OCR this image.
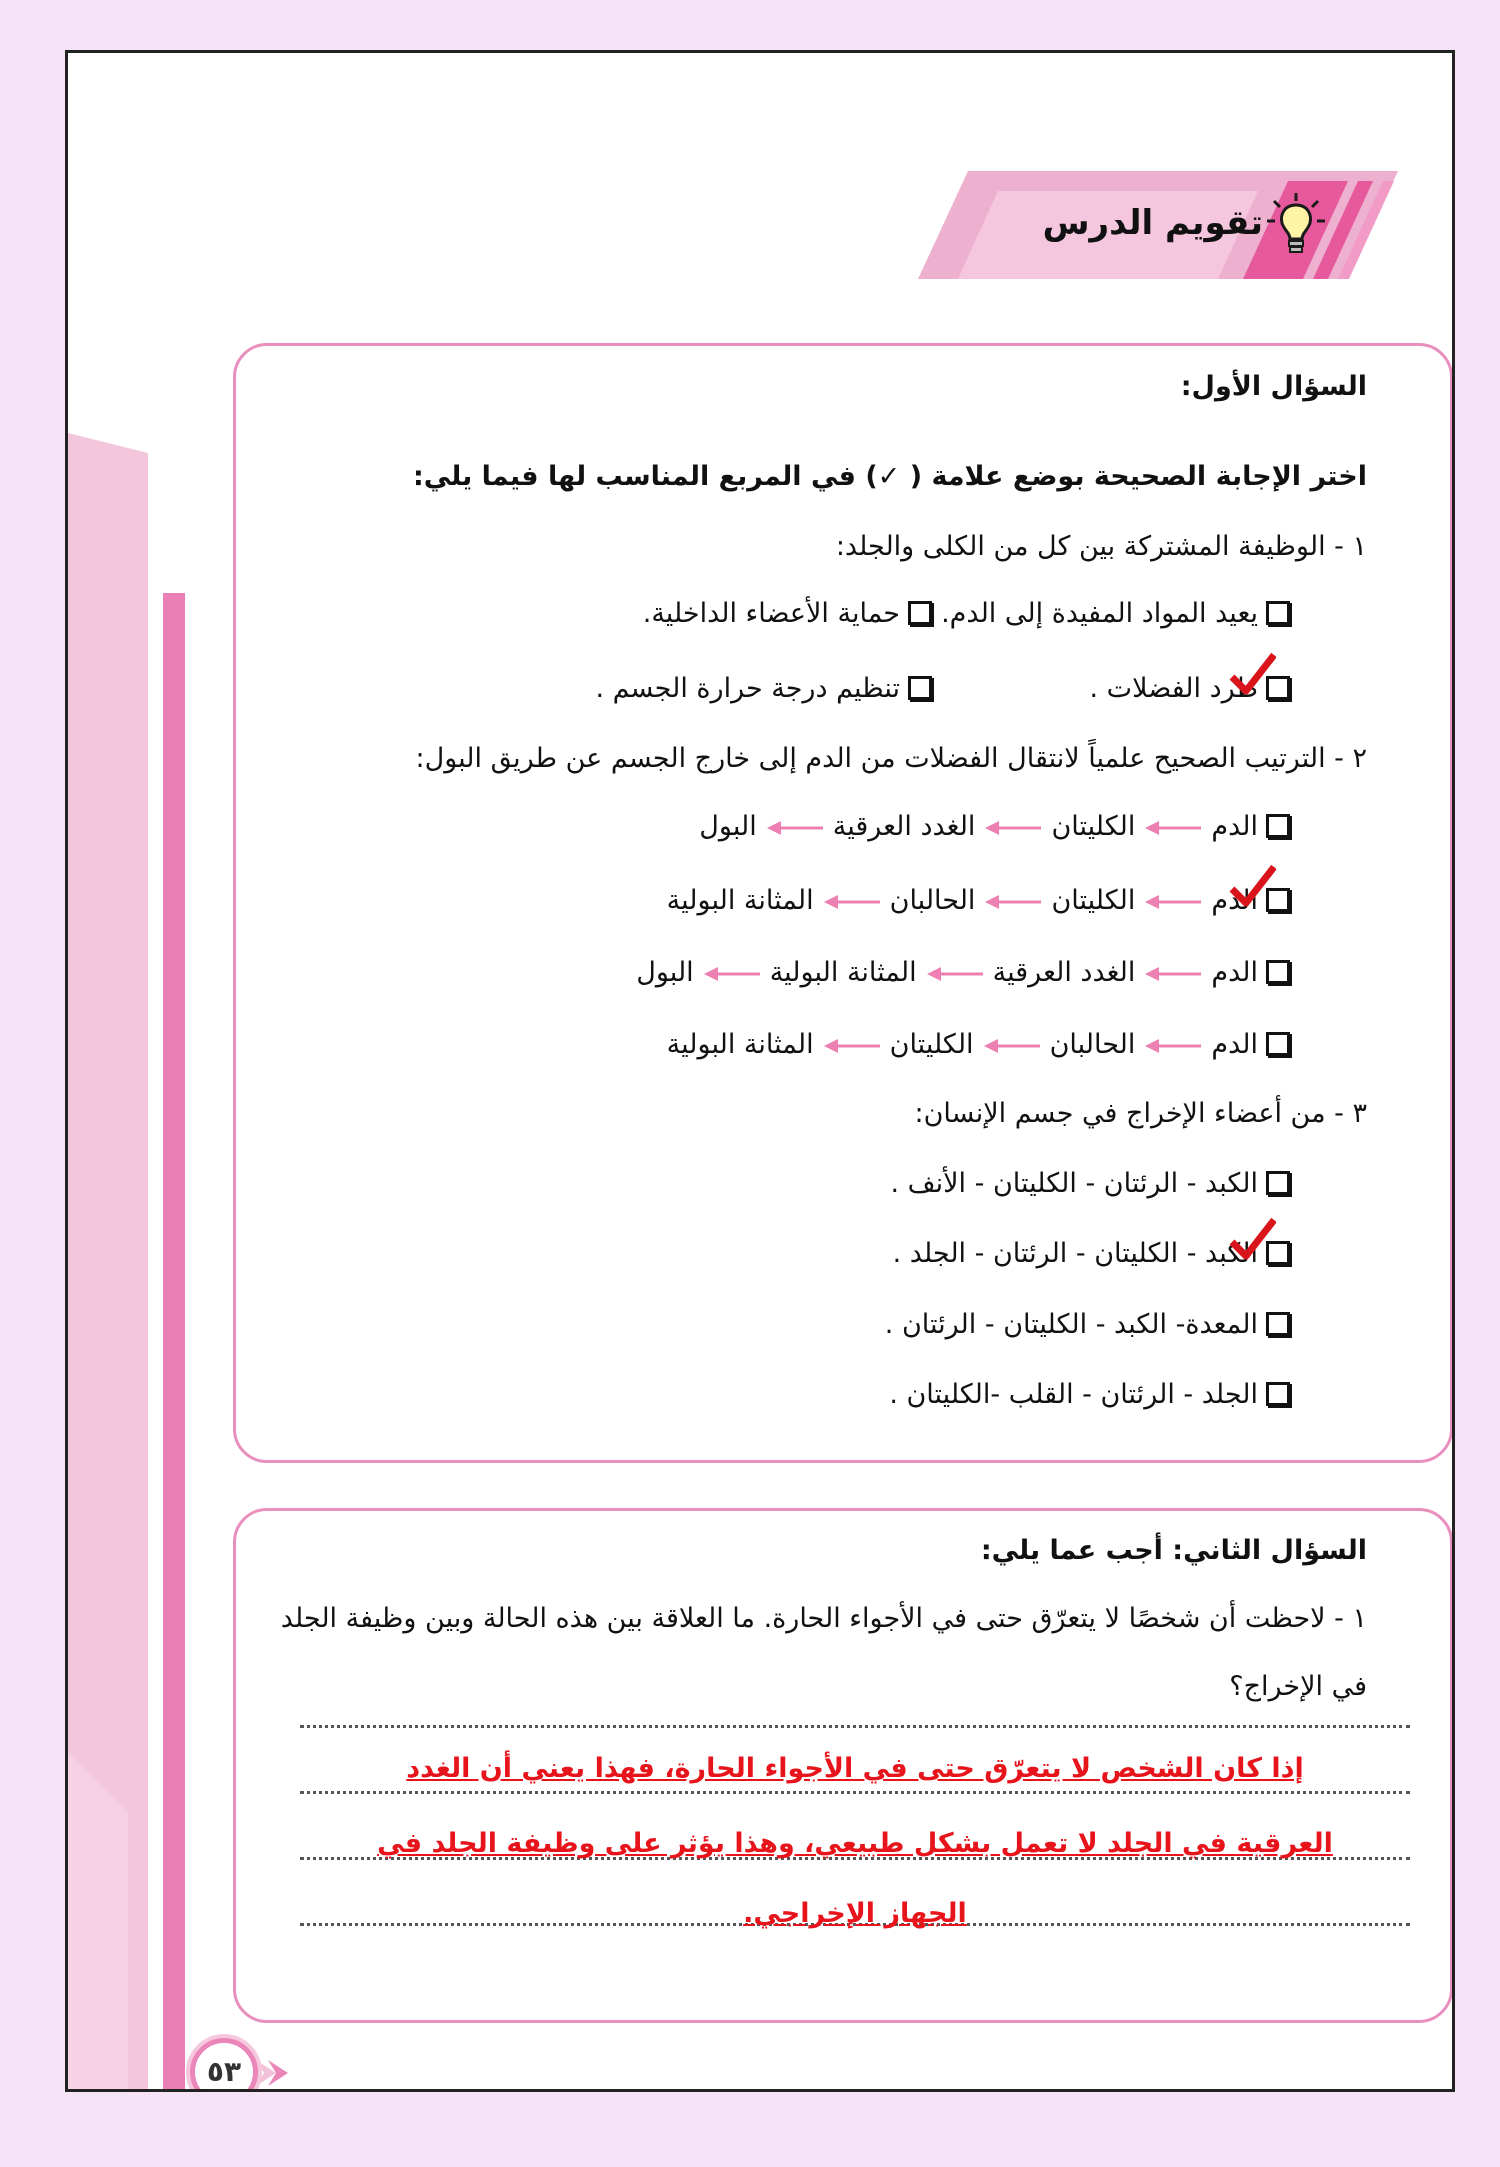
تقويم الدرس
السؤال الأول:
اختر الإجابة الصحيحة بوضع علامة ( ✓) في المربع المناسب لها فيما يلي:
١ - الوظيفة المشتركة بين كل من الكلى والجلد:
يعيد المواد المفيدة إلى الدم.
حماية الأعضاء الداخلية.
طرد الفضلات .
تنظيم درجة حرارة الجسم .
٢ - الترتيب الصحيح علمياً لانتقال الفضلات من الدم إلى خارج الجسم عن طريق البول:
الدمالكليتانالغدد العرقيةالبول
الدمالكليتانالحالبانالمثانة البولية
الدمالغدد العرقيةالمثانة البوليةالبول
الدمالحالبانالكليتانالمثانة البولية
٣ - من أعضاء الإخراج في جسم الإنسان:
الكبد - الرئتان - الكليتان - الأنف .
الكبد - الكليتان - الرئتان - الجلد .
المعدة- الكبد - الكليتان - الرئتان .
الجلد - الرئتان - القلب -الكليتان .
السؤال الثاني: أجب عما يلي:
١ - لاحظت أن شخصًا لا يتعرّق حتى في الأجواء الحارة. ما العلاقة بين هذه الحالة وبين وظيفة الجلد
في الإخراج؟
إذا كان الشخص لا يتعرّق حتى في الأجواء الحارة، فهذا يعني أن الغدد
العرقية في الجلد لا تعمل بشكل طبيعي، وهذا يؤثر على وظيفة الجلد في
الجهاز الإخراجي.
٥٣
